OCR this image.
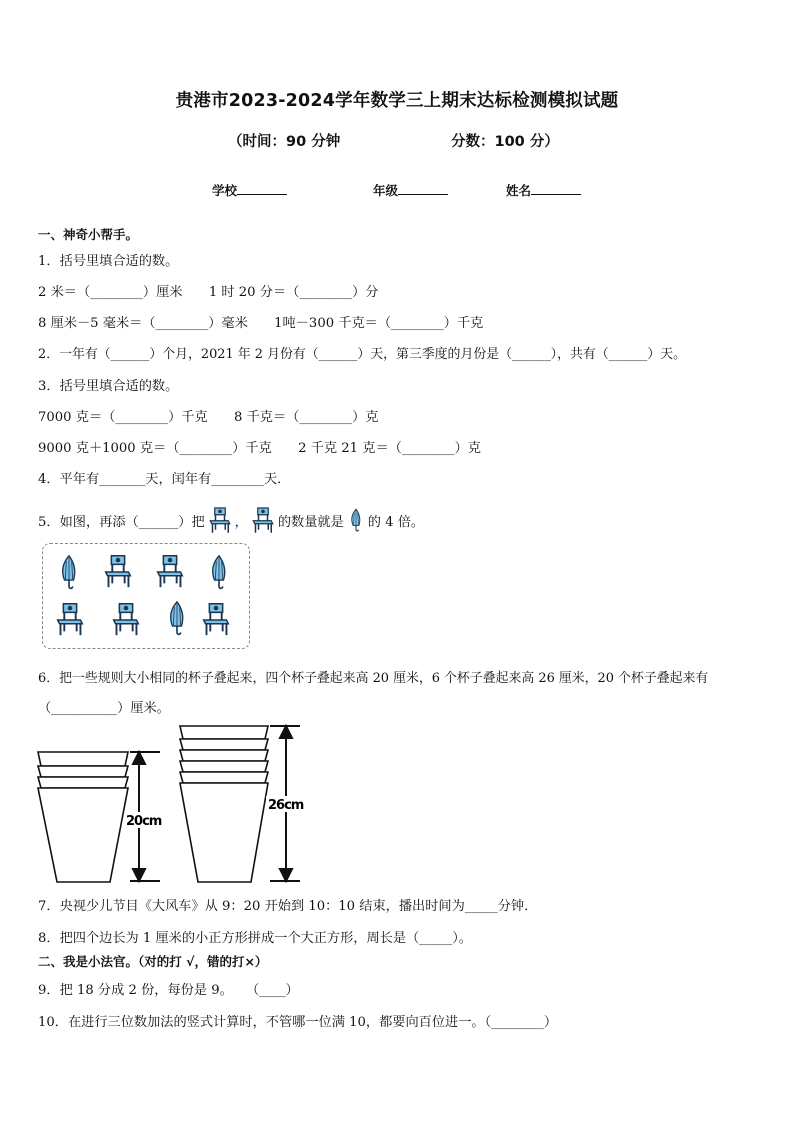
贵港市2023-2024学年数学三上期末达标检测模拟试题
（时间：90 分钟	分数：100 分）
学校	年级	姓名
一、神奇小帮手。
1．括号里填合适的数。
2 米＝（________）厘米　　1 时 20 分＝（________）分
8 厘米－5 毫米＝（________）毫米　　1吨－300 千克＝（________）千克
2．一年有（______）个月，2021 年 2 月份有（______）天，第三季度的月份是（______），共有（______）天。
3．括号里填合适的数。
7000 克＝（________）千克　　8 千克＝（________）克
9000 克＋1000 克＝（________）千克　　2 千克 21 克＝（________）克
4．平年有_______天，闰年有________天．
5．如图，再添（______）把 ， 的数量就是 的 4 倍。
6．把一些规则大小相同的杯子叠起来，四个杯子叠起来高 20 厘米，6 个杯子叠起来高 26 厘米，20 个杯子叠起来有
（__________）厘米。
20cm
26cm
7．央视少儿节目《大风车》从 9：20 开始到 10：10 结束，播出时间为_____分钟．
8．把四个边长为 1 厘米的小正方形拼成一个大正方形，周长是（_____）。
二、我是小法官。（对的打 √，错的打×）
9．把 18 分成 2 份，每份是 9。　　（____）
10．在进行三位数加法的竖式计算时，不管哪一位满 10，都要向百位进一。（________）
